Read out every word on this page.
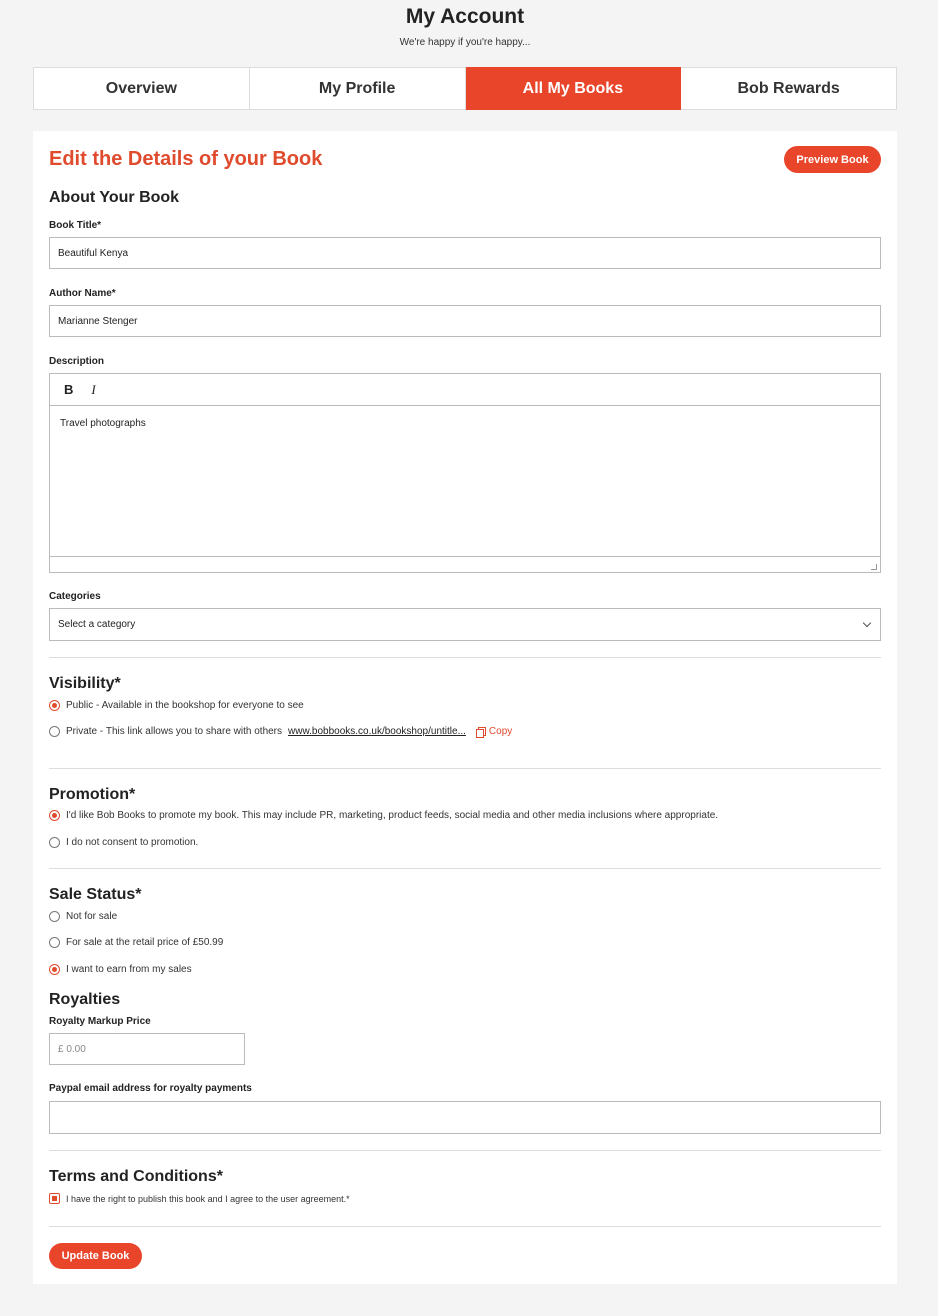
My Account
We're happy if you're happy...
Overview	My Profile	All My Books	Bob Rewards
Edit the Details of your Book	Preview Book
About Your Book
Book Title*
Beautiful Kenya
Author Name*
Marianne Stenger
Description
B I
Travel photographs
Categories
Select a category
Visibility*
Public - Available in the bookshop for everyone to see
Private - This link allows you to share with others www.bobbooks.co.uk/bookshop/untitle... Copy
Promotion*
I'd like Bob Books to promote my book. This may include PR, marketing, product feeds, social media and other media inclusions where appropriate.
I do not consent to promotion.
Sale Status*
Not for sale
For sale at the retail price of £50.99
I want to earn from my sales
Royalties
Royalty Markup Price
£ 0.00
Paypal email address for royalty payments
Terms and Conditions*
I have the right to publish this book and I agree to the user agreement.*
Update Book
